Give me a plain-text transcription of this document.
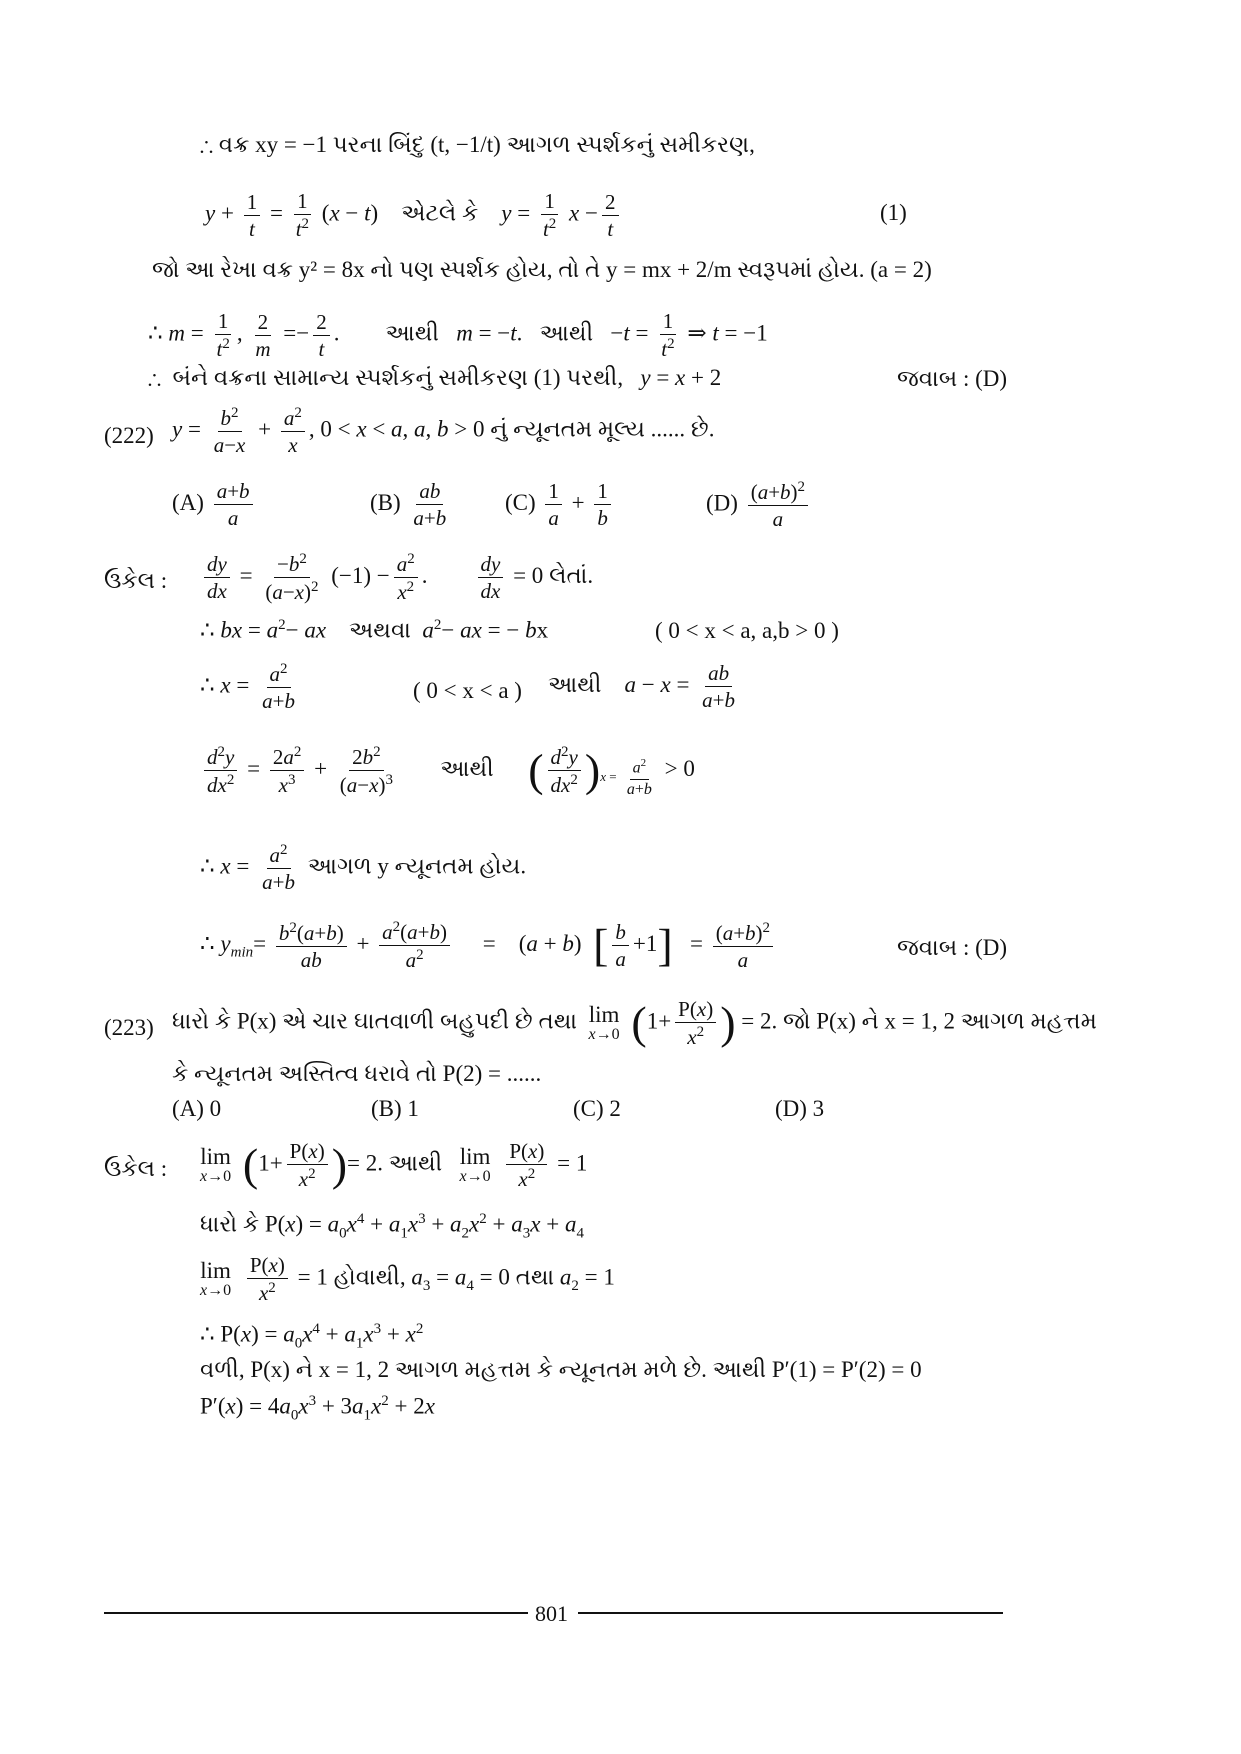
∴ વક્ર xy = −1 પરના બિંદુ (t, −1/t) આગળ સ્પર્શકનું સમીકરણ,
$y + \frac{1}{t} = \frac{1}{t^2} (x - t)$    એટલે કે $y = \frac{1}{t^2}$ $x - \frac{2}{t}$	(1)
જો આ રેખા વક્ર y² = 8x નો પણ સ્પર્શક હોય, તો તે y = mx + 2/m સ્વરૂપમાં હોય. (a = 2)
∴ $m = \frac{1}{t^2}$ , $\frac{2}{m} =- \frac{2}{t}$ .        આથી m = −t.   આથી   $-t = \frac{1}{t^2}$ ⇒ t = −1
∴  બંને વક્રના સામાન્ય સ્પર્શકનું સમીકરણ (1) પરથી, y = x + 2	જવાબ : (D)
(222) $y = \frac{b^2}{a-x} + \frac{a^2}{x}$ , 0 < x < a, a, b > 0 નું ન્યૂનતમ મૂલ્ય ...... છે.
$(A) \frac{a+b}{a}$	$(B) \frac{ab}{a+b} (C) \frac{1}{a} + \frac{1}{b}$	$(D) \frac{(a+b)^2}{a}$
ઉકેલ : $\frac{dy}{dx} = \frac{-b^2}{(a-x)^2} (-1) - \frac{a^2}{x^2}$ . $\frac{dy}{dx} = 0$ લેતાં.
∴ bx = $a^2-$ ax અથવા $a^2-$ ax = − bx	( 0 < x < a, a,b > 0 )
∴ $x = \frac{a^2}{a+b}$	( 0 < x < a ) આથી $a - x = \frac{ab}{a+b}$
$\frac{d^2y}{dx^2} = \frac{2a^2}{x^3} + \frac{2b^2}{(a-x)^3}$ આથી ( $\frac{d^2y}{dx^2} )_{x = \frac{a^2}{a+b}} > 0$
∴ $x = \frac{a^2}{a+b}$ આગળ y ન્યૂનતમ હોય.
∴ $y_{min}= \frac{b^2(a+b)}{ab} + \frac{a^2(a+b)}{a^2}$ =    (a + b)  [ $\frac{b}{a} +1] = \frac{(a+b)^2}{a}$	જવાબ : (D)
(223) ધારો કે P(x) એ ચાર ઘાતવાળી બહુપદી છે તથા lim
x→0 ($1+ \frac{P(x)}{x^2}$ ) = 2. જો P(x) ને x = 1, 2 આગળ મહત્તમ
કે ન્યૂનતમ અસ્તિત્વ ધરાવે તો P(2) = ......
(A) 0	(B) 1	(C) 2	(D) 3
ઉકેલ : lim
x→0 ($1+ \frac{P(x)}{x^2}$ )= 2. આથી lim
x→0
$\frac{P(x)}{x^2} = 1$
ધારો કે $P(x) = a_0x^4 + a_1x^3 + a_2x^2 + a_3x + a_4$
lim
x→0
$\frac{P(x)}{x^2} = 1$ હોવાથી, $a_3 = a_4 = 0$ તથા $a_2 = 1$
∴ $P(x) = a_0x^4 + a_1x^3 + x^2$
વળી, P(x) ને x = 1, 2 આગળ મહત્તમ કે ન્યૂનતમ મળે છે. આથી P′(1) = P′(2) = 0
$P'(x) = 4a_0x^3 + 3a_1x^2 + 2x$
801
